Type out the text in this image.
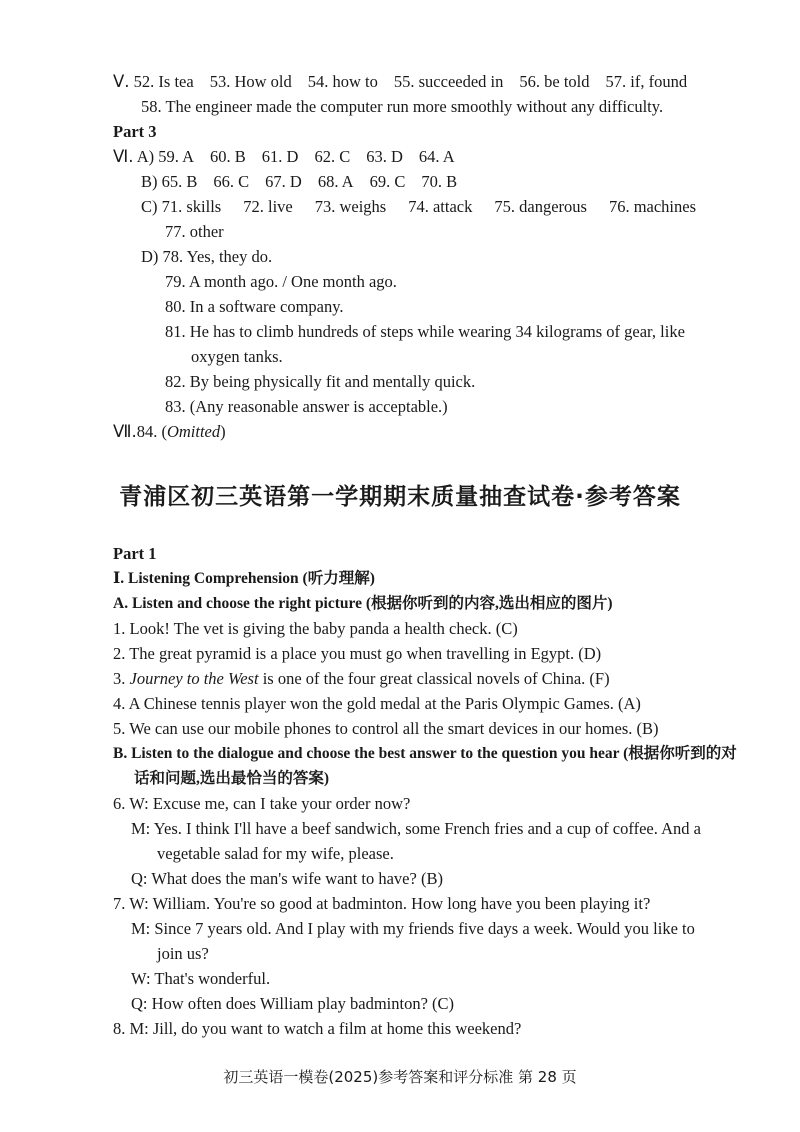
Ⅴ. 52. Is tea 53. How old 54. how to 55. succeeded in 56. be told 57. if, found
58. The engineer made the computer run more smoothly without any difficulty.
Part 3
Ⅵ. A) 59. A 60. B 61. D 62. C 63. D 64. A
B) 65. B 66. C 67. D 68. A 69. C 70. B
C) 71. skills 72. live 73. weighs 74. attack 75. dangerous 76. machines
77. other
D) 78. Yes, they do.
79. A month ago. / One month ago.
80. In a software company.
81. He has to climb hundreds of steps while wearing 34 kilograms of gear, like
oxygen tanks.
82. By being physically fit and mentally quick.
83. (Any reasonable answer is acceptable.)
Ⅶ.84. (Omitted)
青浦区初三英语第一学期期末质量抽查试卷·参考答案
Part 1
Ⅰ. Listening Comprehension (听力理解)
A. Listen and choose the right picture (根据你听到的内容,选出相应的图片)
1. Look! The vet is giving the baby panda a health check. (C)
2. The great pyramid is a place you must go when travelling in Egypt. (D)
3. Journey to the West is one of the four great classical novels of China. (F)
4. A Chinese tennis player won the gold medal at the Paris Olympic Games. (A)
5. We can use our mobile phones to control all the smart devices in our homes. (B)
B. Listen to the dialogue and choose the best answer to the question you hear (根据你听到的对
话和问题,选出最恰当的答案)
6. W: Excuse me, can I take your order now?
M: Yes. I think I'll have a beef sandwich, some French fries and a cup of coffee. And a
vegetable salad for my wife, please.
Q: What does the man's wife want to have? (B)
7. W: William. You're so good at badminton. How long have you been playing it?
M: Since 7 years old. And I play with my friends five days a week. Would you like to
join us?
W: That's wonderful.
Q: How often does William play badminton? (C)
8. M: Jill, do you want to watch a film at home this weekend?
初三英语一模卷(2025)参考答案和评分标准 第 28 页
